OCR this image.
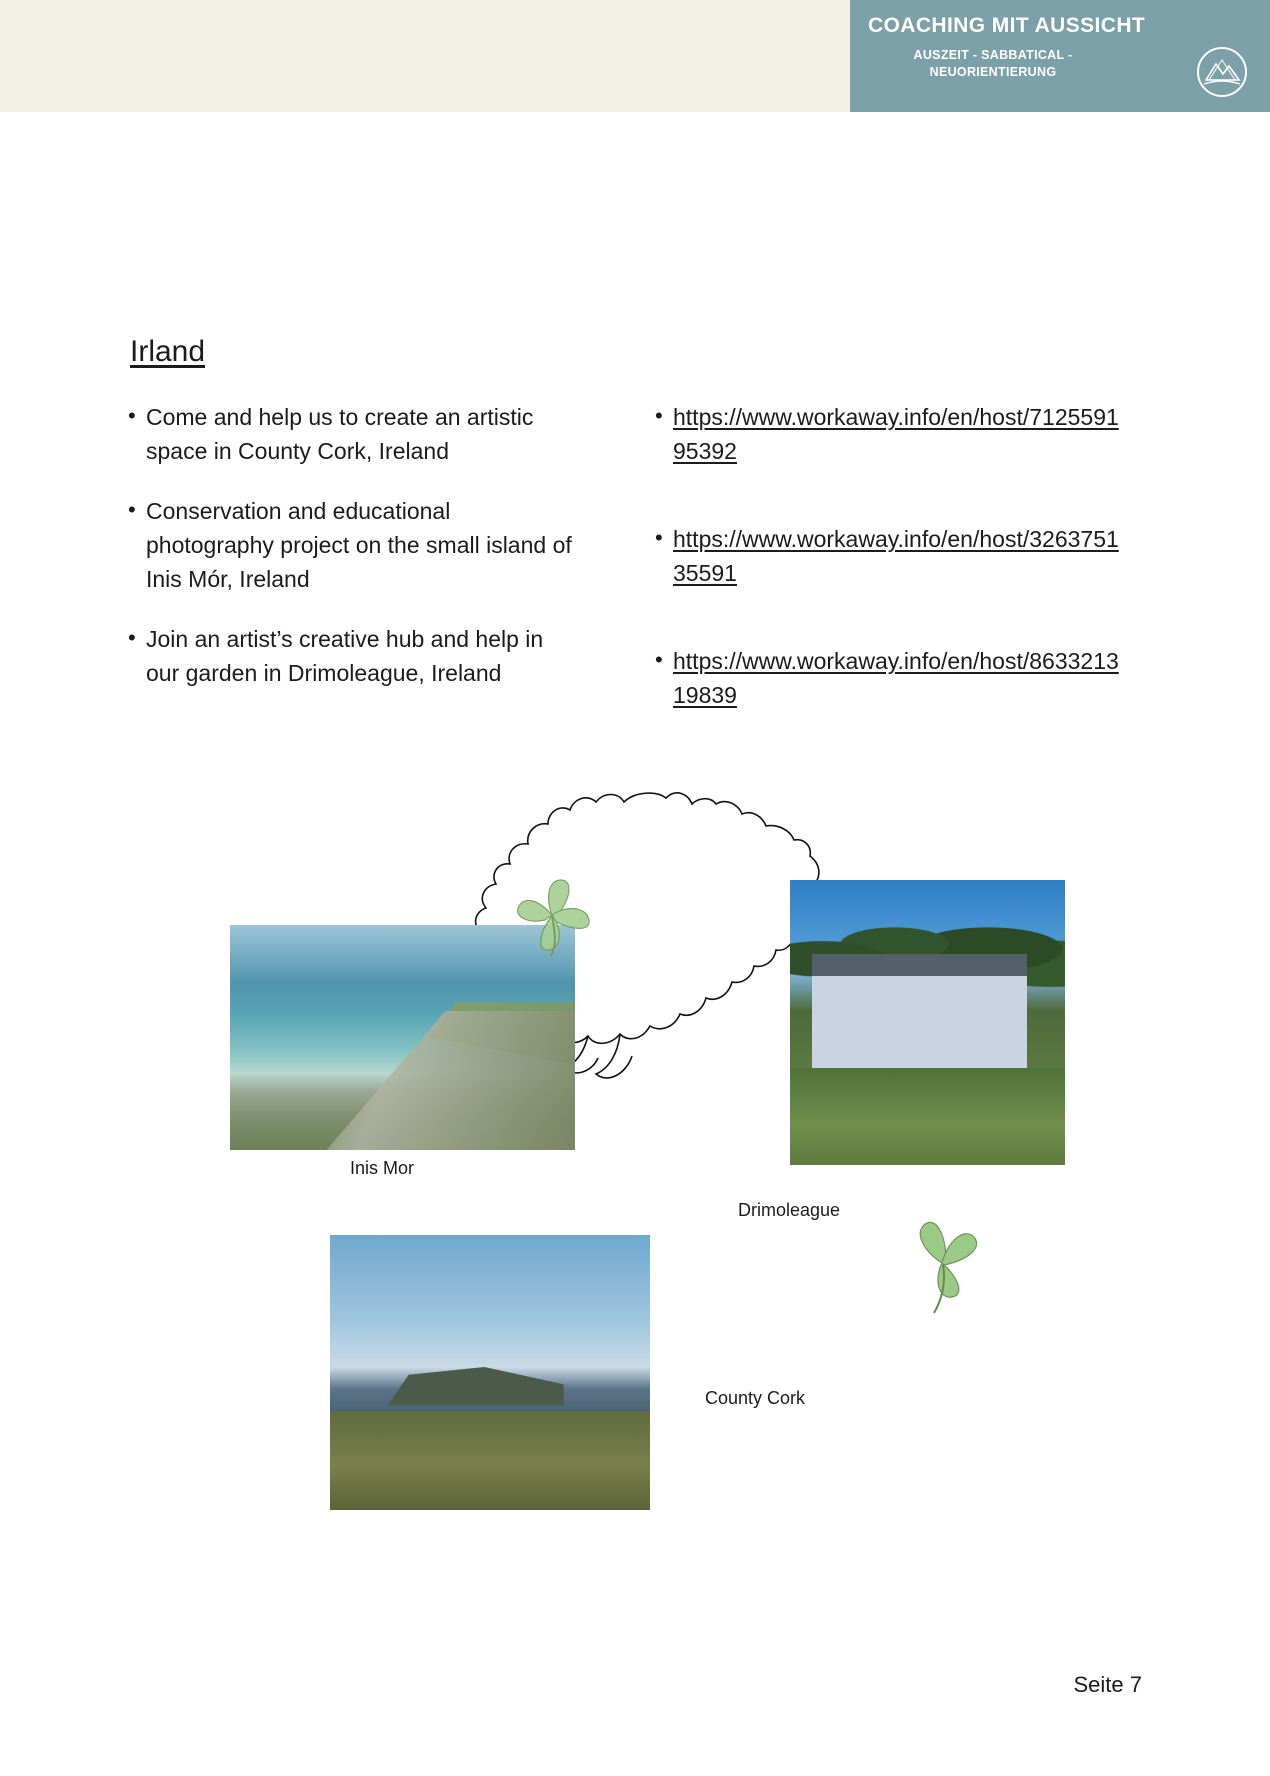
COACHING MIT AUSSICHT
AUSZEIT - SABBATICAL - NEUORIENTIERUNG
Irland
• Come and help us to create an artistic space in County Cork, Ireland
• Conservation and educational photography project on the small island of Inis Mór, Ireland
• Join an artist’s creative hub and help in our garden in Drimoleague, Ireland
• https://www.workaway.info/en/host/712559195392
• https://www.workaway.info/en/host/326375135591
• https://www.workaway.info/en/host/863321319839
Inis Mor
Drimoleague
County Cork
Seite 7
